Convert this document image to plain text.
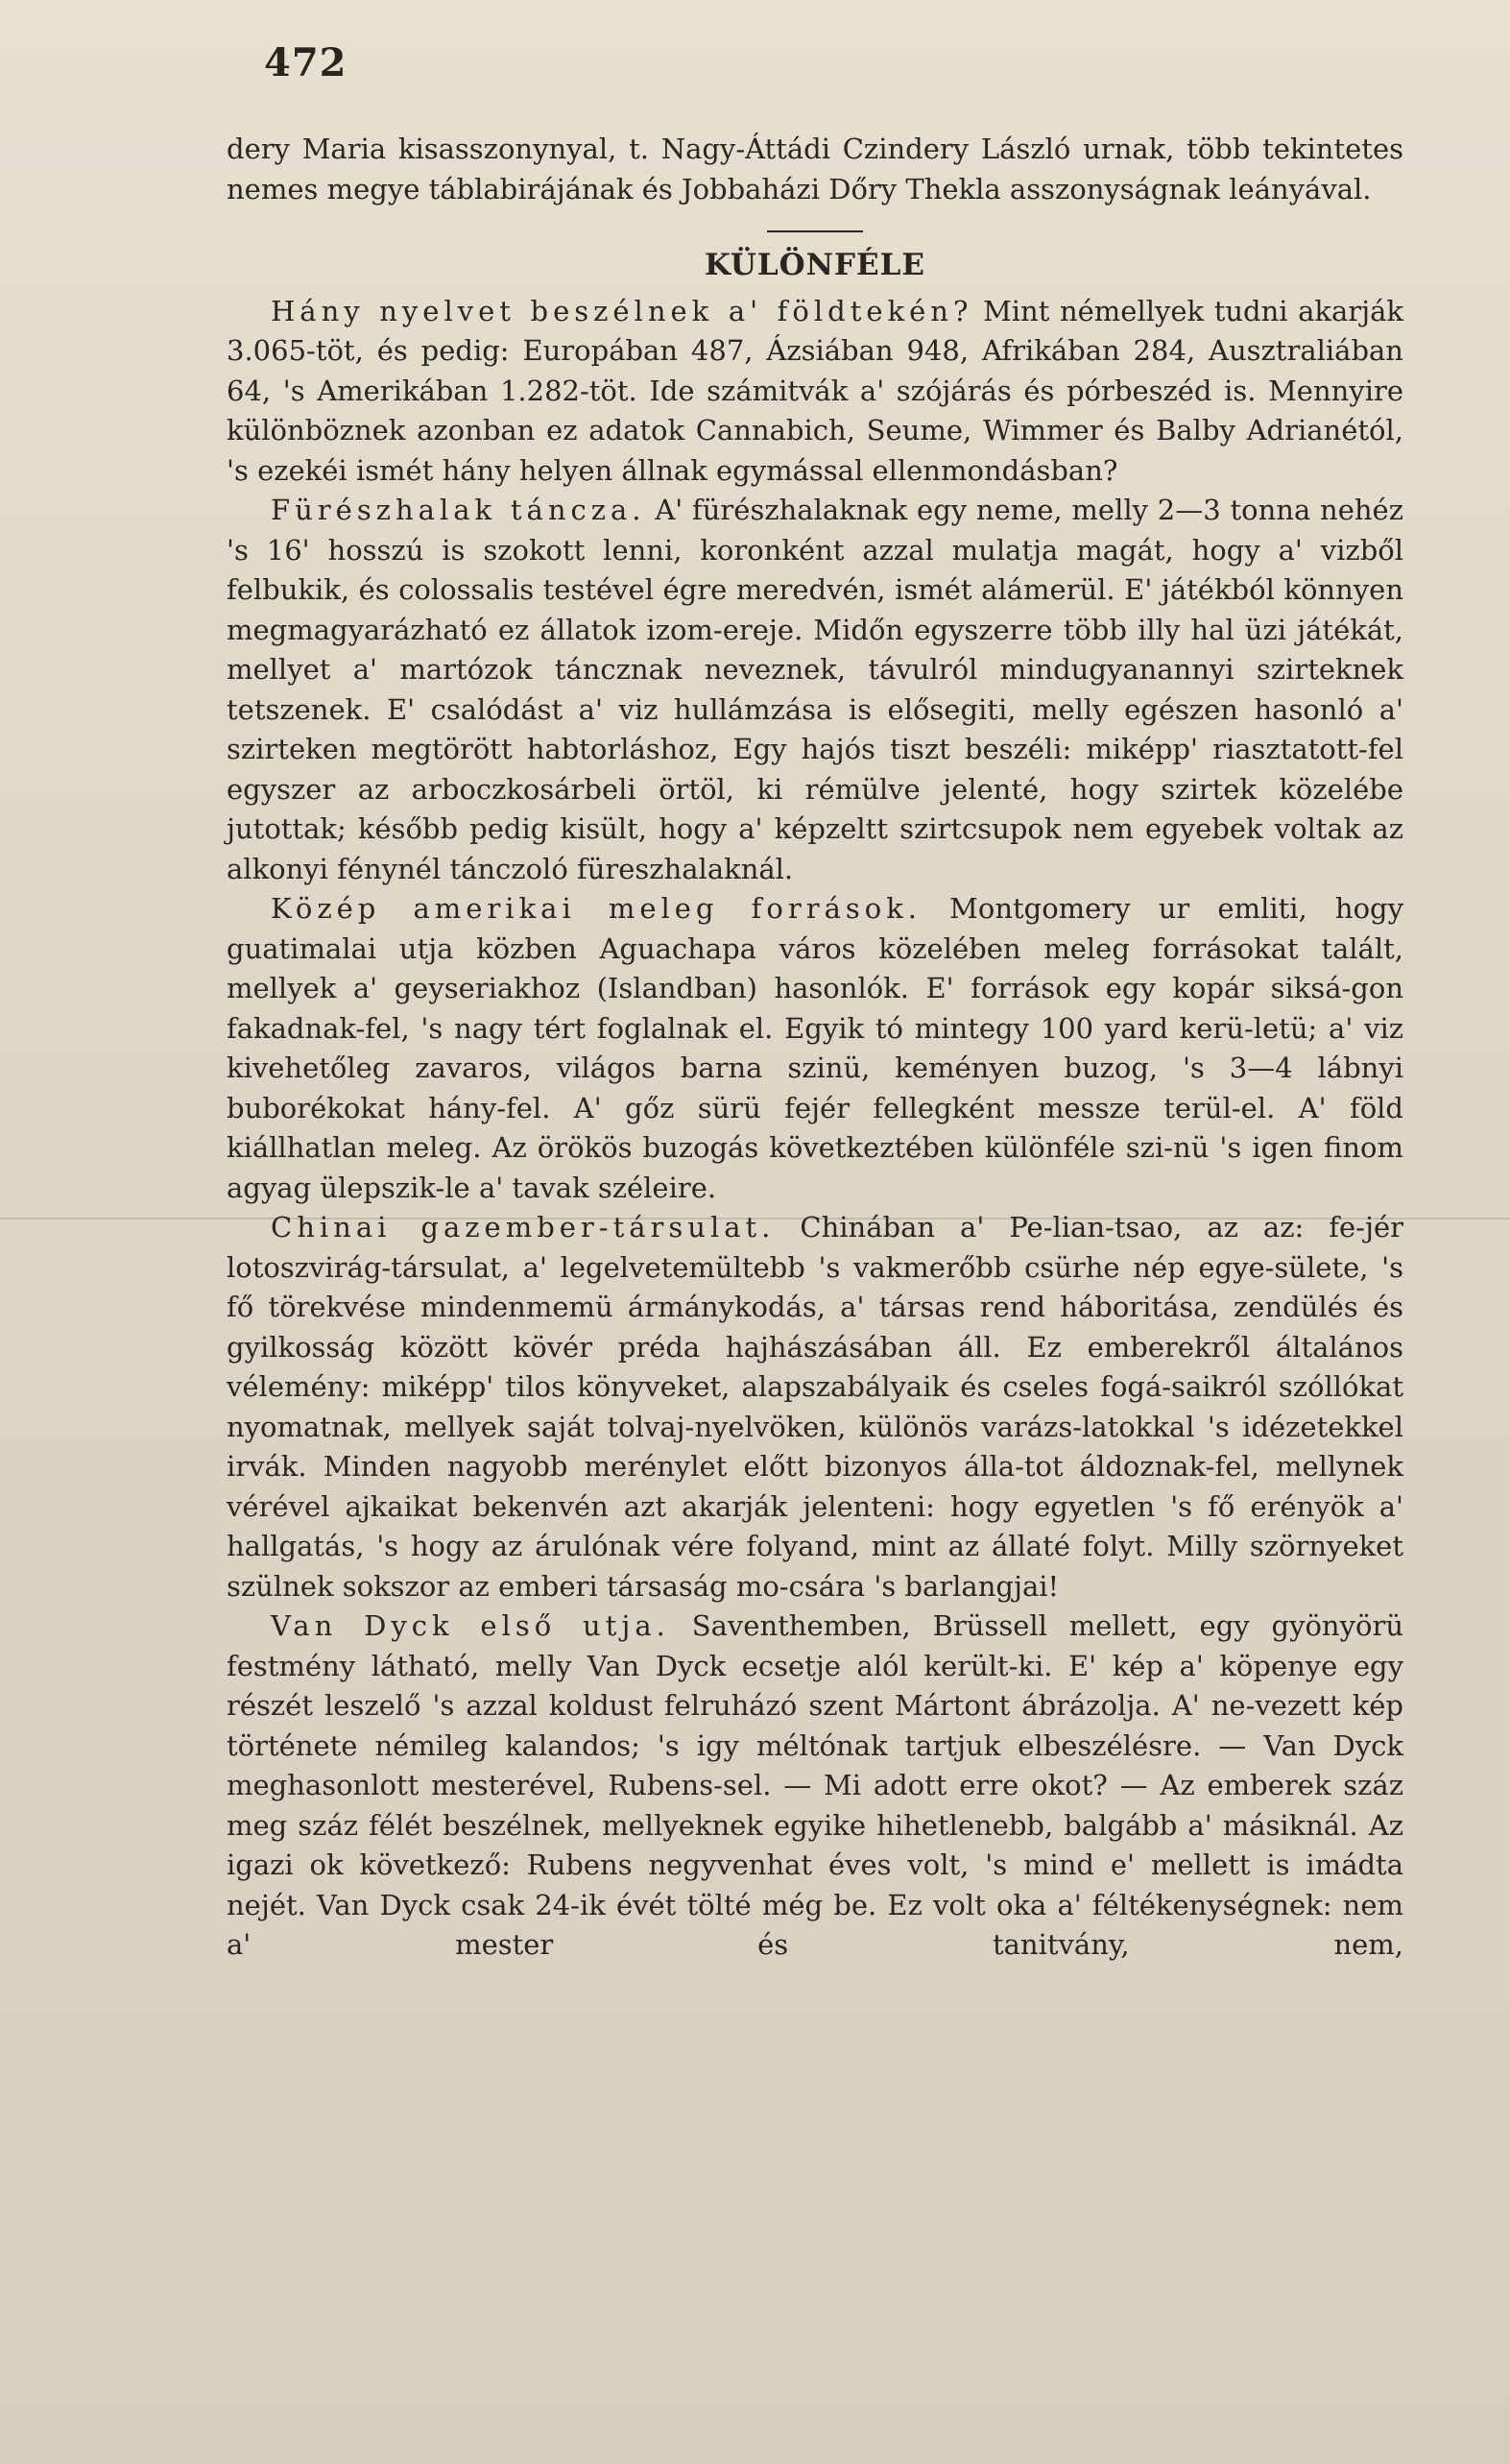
472

dery Maria kisasszonynyal, t. Nagy-Áttádi Czindery László urnak, több tekintetes nemes megye táblabirájának és Jobbaházi Dőry Thekla asszonyságnak leányával.

KÜLÖNFÉLE

Hány nyelvet beszélnek a' földtekén? Mint némellyek tudni akarják 3.065-töt, és pedig: Europában 487, Ázsiában 948, Afrikában 284, Ausztraliában 64, 's Amerikában 1.282-töt. Ide számitvák a' szójárás és pórbeszéd is. Mennyire különböznek azonban ez adatok Cannabich, Seume, Wimmer és Balby Adrianétól, 's ezekéi ismét hány helyen állnak egymással ellenmondásban?

Fürészhalak táncza. A' fürészhalaknak egy neme, melly 2—3 tonna nehéz 's 16' hosszú is szokott lenni, koronként azzal mulatja magát, hogy a' vizből felbukik, és colossalis testével égre meredvén, ismét alámerül. E' játékból könnyen megmagyarázható ez állatok izom-ereje. Midőn egyszerre több illy hal üzi játékát, mellyet a' martózok táncznak neveznek, távulról mindugyanannyi szirteknek tetszenek. E' csalódást a' viz hullámzása is elősegiti, melly egészen hasonló a' szirteken megtörött habtorláshoz, Egy hajós tiszt beszéli: miképp' riasztatott-fel egyszer az arboczkosárbeli örtöl, ki rémülve jelenté, hogy szirtek közelébe jutottak; később pedig kisült, hogy a' képzeltt szirtcsupok nem egyebek voltak az alkonyi fénynél tánczoló füreszhalaknál.

Közép amerikai meleg források. Montgomery ur emliti, hogy guatimalai utja közben Aguachapa város közelében meleg forrásokat talált, mellyek a' geyseriakhoz (Islandban) hasonlók. E' források egy kopár siksá-gon fakadnak-fel, 's nagy tért foglalnak el. Egyik tó mintegy 100 yard kerü-letü; a' viz kivehetőleg zavaros, világos barna szinü, keményen buzog, 's 3—4 lábnyi buborékokat hány-fel. A' gőz sürü fejér fellegként messze terül-el. A' föld kiállhatlan meleg. Az örökös buzogás következtében különféle szi-nü 's igen finom agyag ülepszik-le a' tavak széleire.

Chinai gazember-társulat. Chinában a' Pe-lian-tsao, az az: fe-jér lotoszvirág-társulat, a' legelvetemültebb 's vakmerőbb csürhe nép egye-sülete, 's fő törekvése mindenmemü ármánykodás, a' társas rend háboritása, zendülés és gyilkosság között kövér préda hajhászásában áll. Ez emberekről általános vélemény: miképp' tilos könyveket, alapszabályaik és cseles fogá-saikról szóllókat nyomatnak, mellyek saját tolvaj-nyelvöken, különös varázs-latokkal 's idézetekkel irvák. Minden nagyobb merénylet előtt bizonyos álla-tot áldoznak-fel, mellynek vérével ajkaikat bekenvén azt akarják jelenteni: hogy egyetlen 's fő erényök a' hallgatás, 's hogy az árulónak vére folyand, mint az állaté folyt. Milly szörnyeket szülnek sokszor az emberi társaság mo-csára 's barlangjai!

Van Dyck első utja. Saventhemben, Brüssell mellett, egy gyönyörü festmény látható, melly Van Dyck ecsetje alól került-ki. E' kép a' köpenye egy részét leszelő 's azzal koldust felruházó szent Mártont ábrázolja. A' ne-vezett kép története némileg kalandos; 's igy méltónak tartjuk elbeszélésre. — Van Dyck meghasonlott mesterével, Rubens-sel. — Mi adott erre okot? — Az emberek száz meg száz félét beszélnek, mellyeknek egyike hihetlenebb, balgább a' másiknál. Az igazi ok következő: Rubens negyvenhat éves volt, 's mind e' mellett is imádta nejét. Van Dyck csak 24-ik évét tölté még be. Ez volt oka a' féltékenységnek: nem a' mester és tanitvány, nem,
